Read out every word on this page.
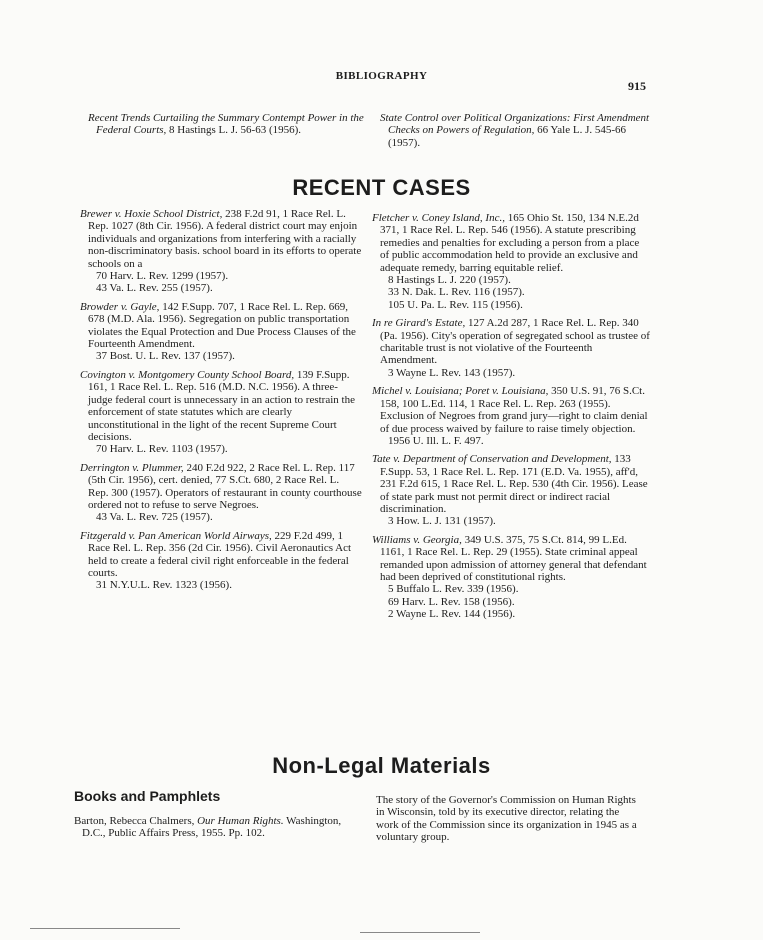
BIBLIOGRAPHY
915
Recent Trends Curtailing the Summary Contempt Power in the Federal Courts, 8 Hastings L. J. 56-63 (1956).
State Control over Political Organizations: First Amendment Checks on Powers of Regulation, 66 Yale L. J. 545-66 (1957).
RECENT CASES
Brewer v. Hoxie School District, 238 F.2d 91, 1 Race Rel. L. Rep. 1027 (8th Cir. 1956). A federal district court may enjoin individuals and organizations from interfering with a racially non-discriminatory basis. school board in its efforts to operate schools on a
70 Harv. L. Rev. 1299 (1957).
43 Va. L. Rev. 255 (1957).
Browder v. Gayle, 142 F.Supp. 707, 1 Race Rel. L. Rep. 669, 678 (M.D. Ala. 1956). Segregation on public transportation violates the Equal Protection and Due Process Clauses of the Fourteenth Amendment.
37 Bost. U. L. Rev. 137 (1957).
Covington v. Montgomery County School Board, 139 F.Supp. 161, 1 Race Rel. L. Rep. 516 (M.D. N.C. 1956). A three-judge federal court is unnecessary in an action to restrain the enforcement of state statutes which are clearly unconstitutional in the light of the recent Supreme Court decisions.
70 Harv. L. Rev. 1103 (1957).
Derrington v. Plummer, 240 F.2d 922, 2 Race Rel. L. Rep. 117 (5th Cir. 1956), cert. denied, 77 S.Ct. 680, 2 Race Rel. L. Rep. 300 (1957). Operators of restaurant in county courthouse ordered not to refuse to serve Negroes.
43 Va. L. Rev. 725 (1957).
Fitzgerald v. Pan American World Airways, 229 F.2d 499, 1 Race Rel. L. Rep. 356 (2d Cir. 1956). Civil Aeronautics Act held to create a federal civil right enforceable in the federal courts.
31 N.Y.U.L. Rev. 1323 (1956).
Fletcher v. Coney Island, Inc., 165 Ohio St. 150, 134 N.E.2d 371, 1 Race Rel. L. Rep. 546 (1956). A statute prescribing remedies and penalties for excluding a person from a place of public accommodation held to provide an exclusive and adequate remedy, barring equitable relief.
8 Hastings L. J. 220 (1957).
33 N. Dak. L. Rev. 116 (1957).
105 U. Pa. L. Rev. 115 (1956).
In re Girard's Estate, 127 A.2d 287, 1 Race Rel. L. Rep. 340 (Pa. 1956). City's operation of segregated school as trustee of charitable trust is not violative of the Fourteenth Amendment.
3 Wayne L. Rev. 143 (1957).
Michel v. Louisiana; Poret v. Louisiana, 350 U.S. 91, 76 S.Ct. 158, 100 L.Ed. 114, 1 Race Rel. L. Rep. 263 (1955). Exclusion of Negroes from grand jury—right to claim denial of due process waived by failure to raise timely objection.
1956 U. Ill. L. F. 497.
Tate v. Department of Conservation and Development, 133 F.Supp. 53, 1 Race Rel. L. Rep. 171 (E.D. Va. 1955), aff'd, 231 F.2d 615, 1 Race Rel. L. Rep. 530 (4th Cir. 1956). Lease of state park must not permit direct or indirect racial discrimination.
3 How. L. J. 131 (1957).
Williams v. Georgia, 349 U.S. 375, 75 S.Ct. 814, 99 L.Ed. 1161, 1 Race Rel. L. Rep. 29 (1955). State criminal appeal remanded upon admission of attorney general that defendant had been deprived of constitutional rights.
5 Buffalo L. Rev. 339 (1956).
69 Harv. L. Rev. 158 (1956).
2 Wayne L. Rev. 144 (1956).
Non-Legal Materials
Books and Pamphlets
Barton, Rebecca Chalmers, Our Human Rights. Washington, D.C., Public Affairs Press, 1955. Pp. 102.
The story of the Governor's Commission on Human Rights in Wisconsin, told by its executive director, relating the work of the Commission since its organization in 1945 as a voluntary group.
